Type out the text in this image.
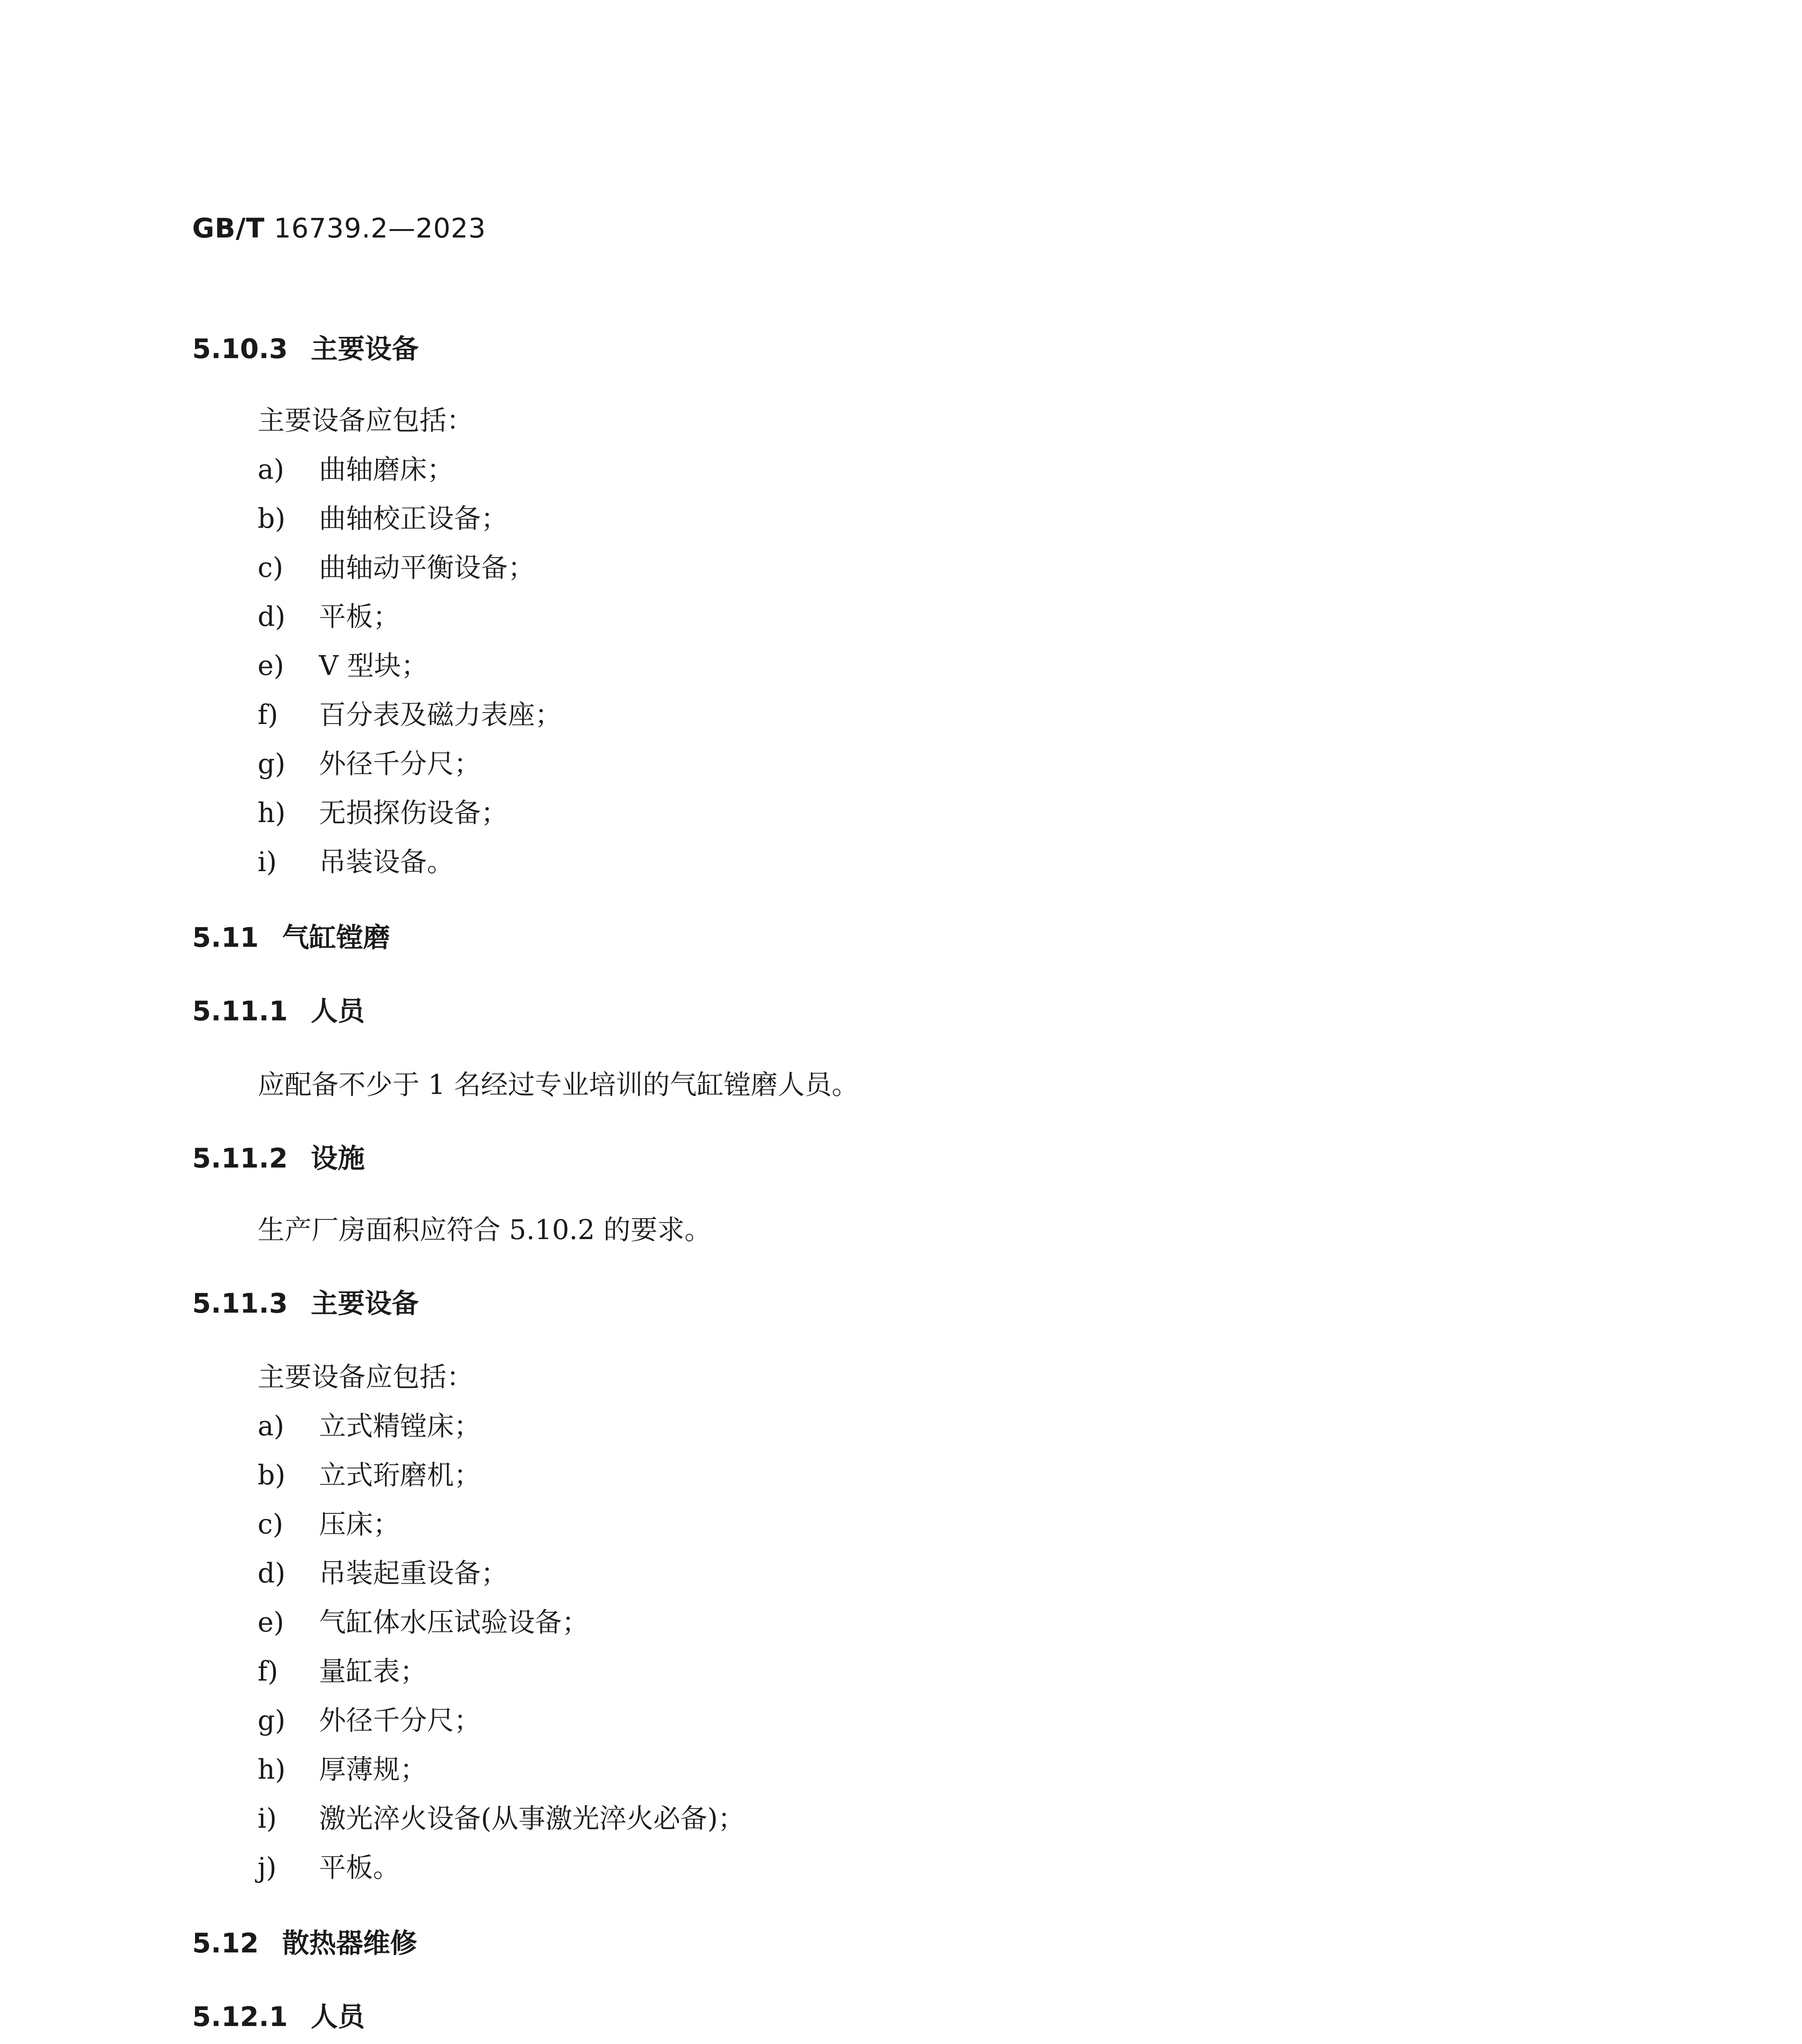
GB/T 16739.2—2023
5.10.3 主要设备
主要设备应包括：
a) 曲轴磨床；
b) 曲轴校正设备；
c) 曲轴动平衡设备；
d) 平板；
e) V 型块；
f) 百分表及磁力表座；
g) 外径千分尺；
h) 无损探伤设备；
i) 吊装设备。
5.11 气缸镗磨
5.11.1 人员
应配备不少于 1 名经过专业培训的气缸镗磨人员。
5.11.2 设施
生产厂房面积应符合 5.10.2 的要求。
5.11.3 主要设备
主要设备应包括：
a) 立式精镗床；
b) 立式珩磨机；
c) 压床；
d) 吊装起重设备；
e) 气缸体水压试验设备；
f) 量缸表；
g) 外径千分尺；
h) 厚薄规；
i) 激光淬火设备(从事激光淬火必备)；
j) 平板。
5.12 散热器维修
5.12.1 人员
